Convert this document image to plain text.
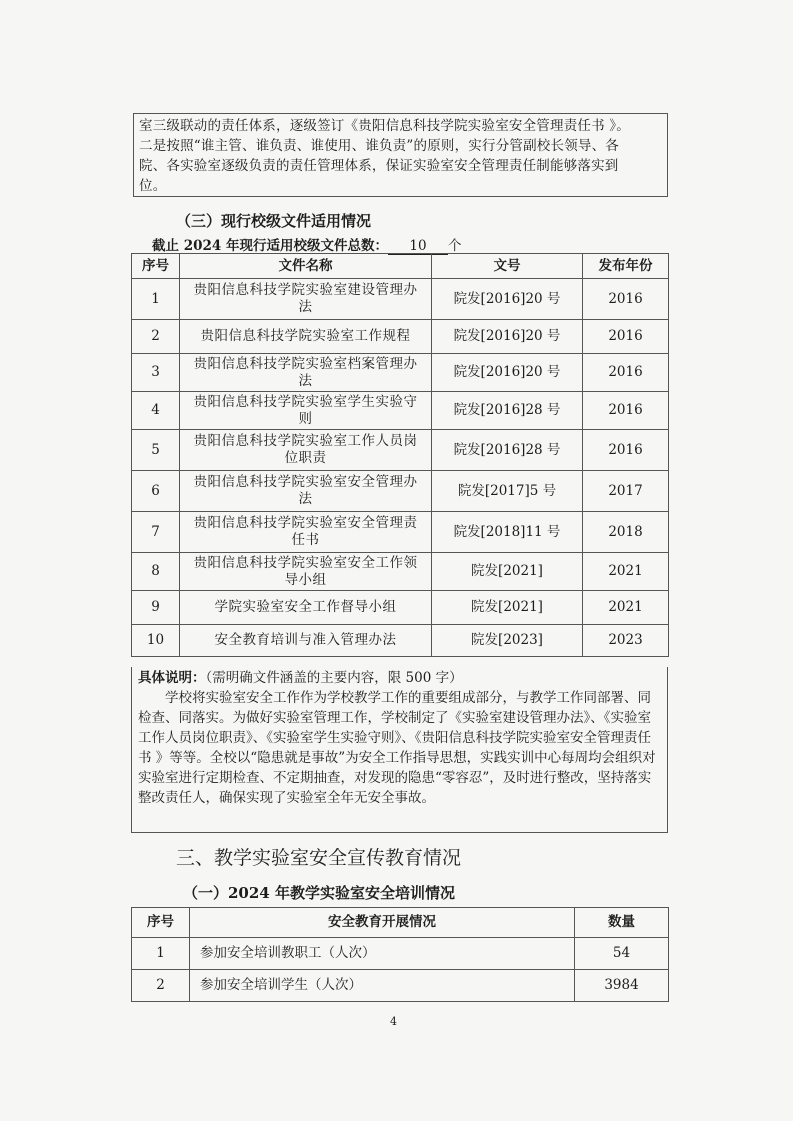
室三级联动的责任体系，逐级签订《贵阳信息科技学院实验室安全管理责任书 》。

二是按照“谁主管、谁负责、谁使用、谁负责”的原则，实行分管副校长领导、各

院、各实验室逐级负责的责任管理体系，保证实验室安全管理责任制能够落实到

位。

（三）现行校级文件适用情况
截止 2024 年现行适用校级文件总数： 10 个
序号	文件名称	文号	发布年份
1	贵阳信息科技学院实验室建设管理办法	院发[2016]20 号	2016
2	贵阳信息科技学院实验室工作规程	院发[2016]20 号	2016
3	贵阳信息科技学院实验室档案管理办法	院发[2016]20 号	2016
4	贵阳信息科技学院实验室学生实验守则	院发[2016]28 号	2016
5	贵阳信息科技学院实验室工作人员岗位职责	院发[2016]28 号	2016
6	贵阳信息科技学院实验室安全管理办法	院发[2017]5 号	2017
7	贵阳信息科技学院实验室安全管理责任书	院发[2018]11 号	2018
8	贵阳信息科技学院实验室安全工作领导小组	院发[2021]	2021
9	学院实验室安全工作督导小组	院发[2021]	2021
10	安全教育培训与准入管理办法	院发[2023]	2023

具体说明：（需明确文件涵盖的主要内容，限 500 字）

学校将实验室安全工作作为学校教学工作的重要组成部分，与教学工作同部署、同检查、同落实。为做好实验室管理工作，学校制定了《实验室建设管理办法》、《实验室工作人员岗位职责》、《实验室学生实验守则》、《贵阳信息科技学院实验室安全管理责任书 》等等。全校以“隐患就是事故”为安全工作指导思想，实践实训中心每周均会组织对实验室进行定期检查、不定期抽查，对发现的隐患“零容忍”，及时进行整改，坚持落实整改责任人，确保实现了实验室全年无安全事故。

三、教学实验室安全宣传教育情况
（一）2024 年教学实验室安全培训情况
序号	安全教育开展情况	数量
1	参加安全培训教职工（人次）	54
2	参加安全培训学生（人次）	3984
4
